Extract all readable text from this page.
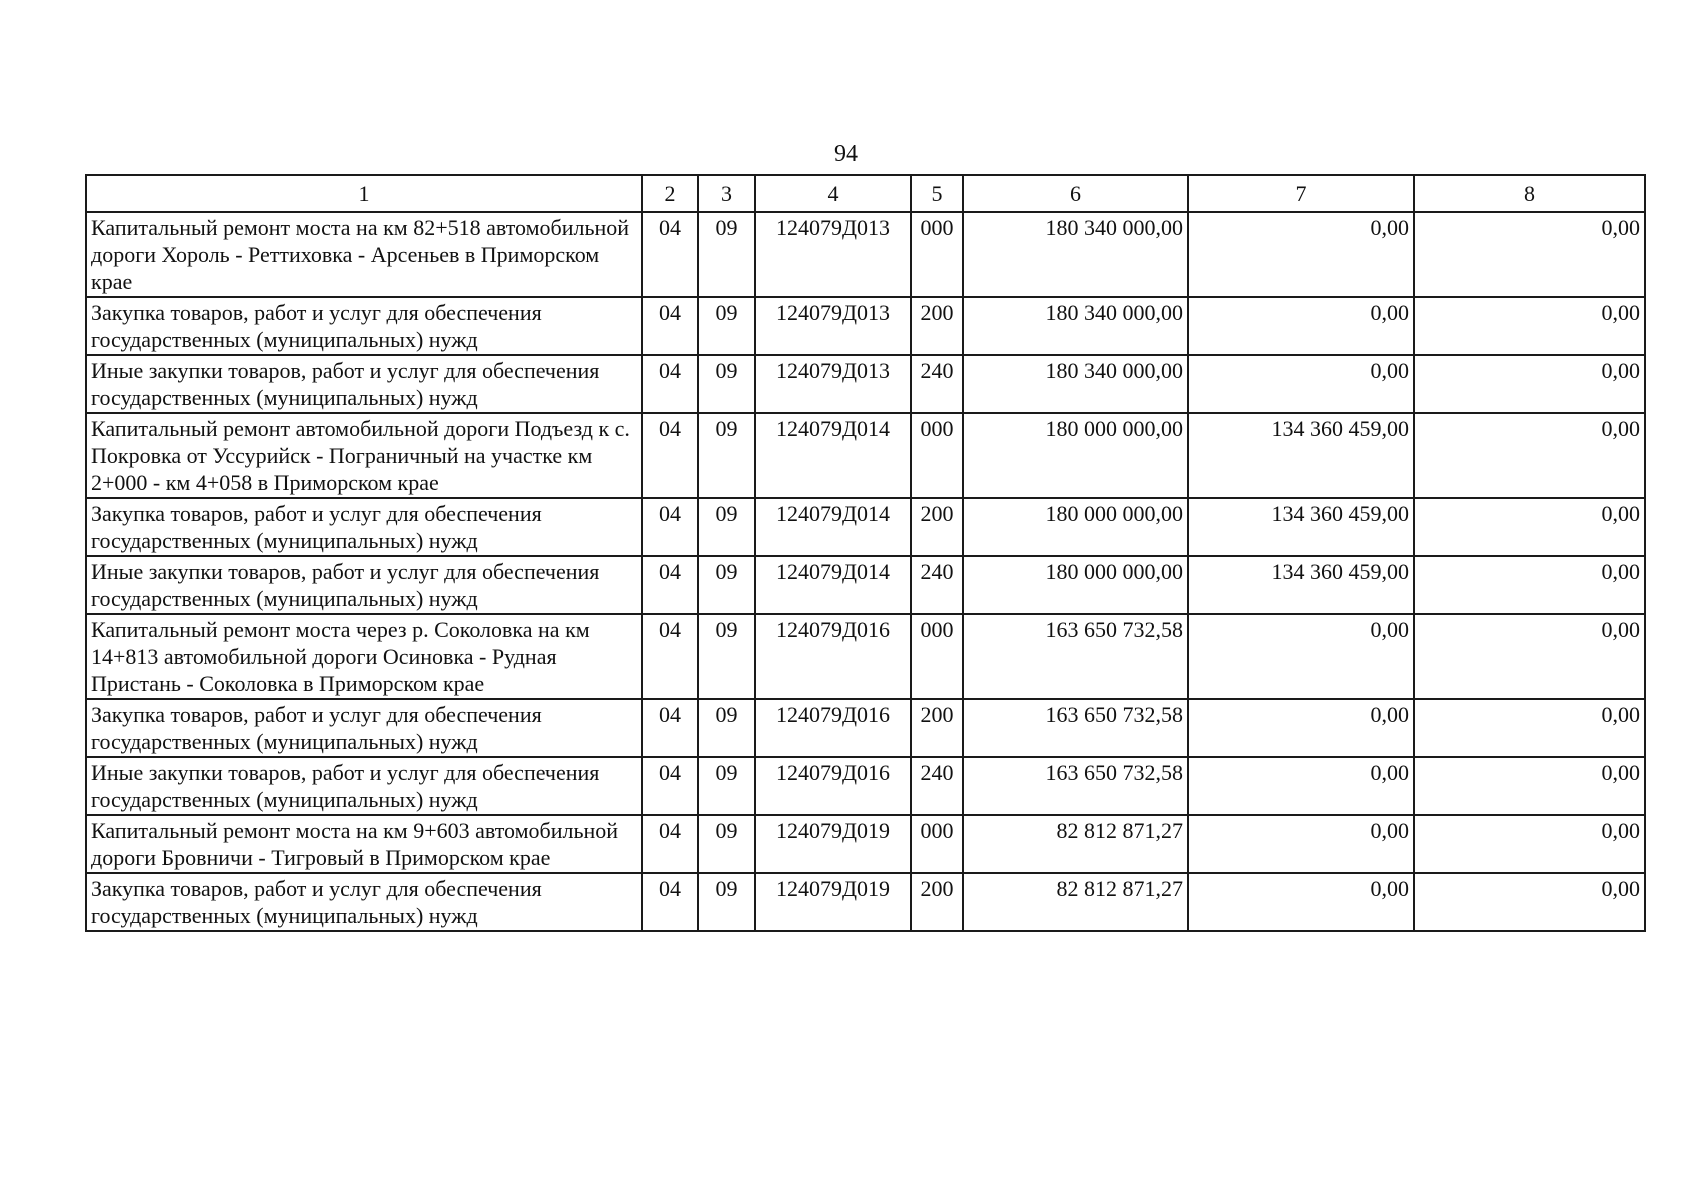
94
1	2	3	4	5	6	7	8
Капитальный ремонт моста на км 82+518 автомобильной дороги Хороль - Реттиховка - Арсеньев в Приморском крае	04	09	124079Д013	000	180 340 000,00	0,00	0,00
Закупка товаров, работ и услуг для обеспечения государственных (муниципальных) нужд	04	09	124079Д013	200	180 340 000,00	0,00	0,00
Иные закупки товаров, работ и услуг для обеспечения государственных (муниципальных) нужд	04	09	124079Д013	240	180 340 000,00	0,00	0,00
Капитальный ремонт автомобильной дороги Подъезд к с. Покровка от Уссурийск - Пограничный на участке км 2+000 - км 4+058 в Приморском крае	04	09	124079Д014	000	180 000 000,00	134 360 459,00	0,00
Закупка товаров, работ и услуг для обеспечения государственных (муниципальных) нужд	04	09	124079Д014	200	180 000 000,00	134 360 459,00	0,00
Иные закупки товаров, работ и услуг для обеспечения государственных (муниципальных) нужд	04	09	124079Д014	240	180 000 000,00	134 360 459,00	0,00
Капитальный ремонт моста через р. Соколовка на км 14+813 автомобильной дороги Осиновка - Рудная Пристань - Соколовка в Приморском крае	04	09	124079Д016	000	163 650 732,58	0,00	0,00
Закупка товаров, работ и услуг для обеспечения государственных (муниципальных) нужд	04	09	124079Д016	200	163 650 732,58	0,00	0,00
Иные закупки товаров, работ и услуг для обеспечения государственных (муниципальных) нужд	04	09	124079Д016	240	163 650 732,58	0,00	0,00
Капитальный ремонт моста на км 9+603 автомобильной дороги Бровничи - Тигровый в Приморском крае	04	09	124079Д019	000	82 812 871,27	0,00	0,00
Закупка товаров, работ и услуг для обеспечения государственных (муниципальных) нужд	04	09	124079Д019	200	82 812 871,27	0,00	0,00
